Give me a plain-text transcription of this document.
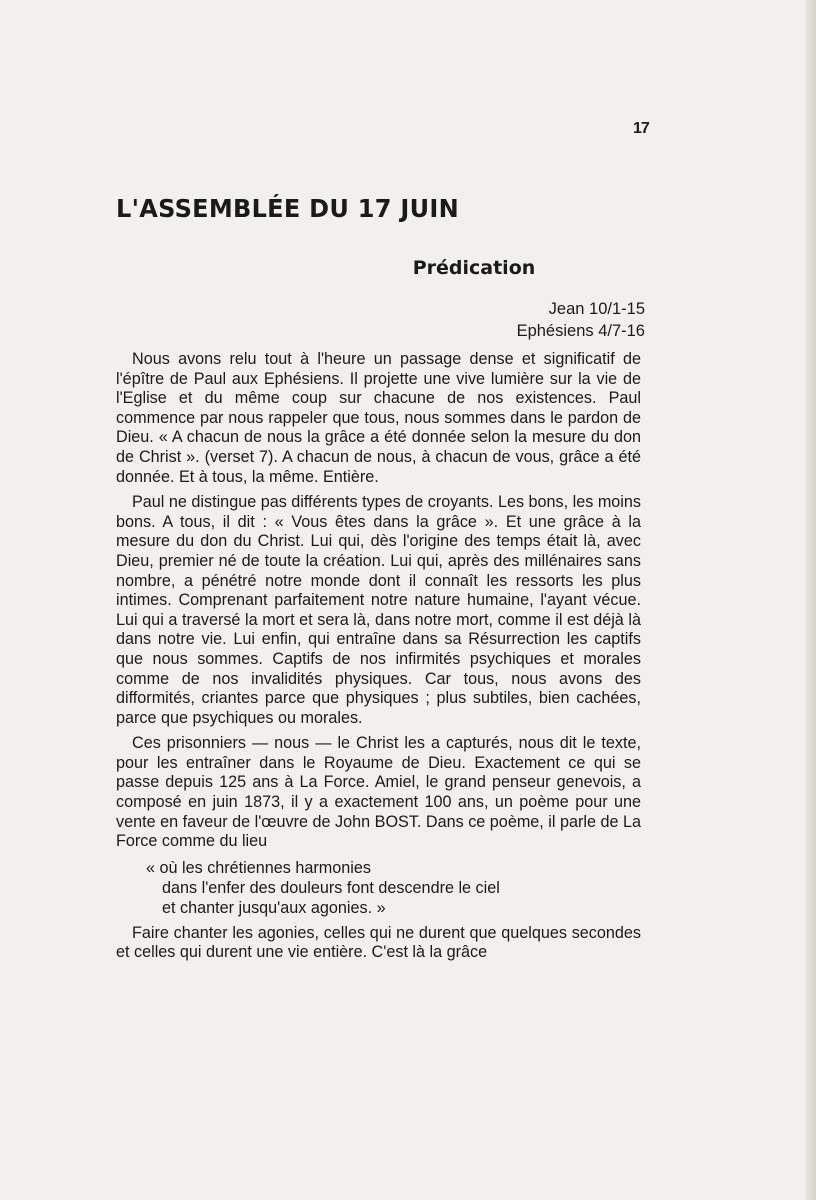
17
L'ASSEMBLÉE DU 17 JUIN
Prédication
Jean 10/1-15
Ephésiens 4/7-16

Nous avons relu tout à l'heure un passage dense et significatif de l'épître de Paul aux Ephésiens. Il projette une vive lumière sur la vie de l'Eglise et du même coup sur chacune de nos existences. Paul commence par nous rappeler que tous, nous sommes dans le pardon de Dieu. « A chacun de nous la grâce a été donnée selon la mesure du don de Christ ». (verset 7). A chacun de nous, à chacun de vous, grâce a été donnée. Et à tous, la même. Entière.

Paul ne distingue pas différents types de croyants. Les bons, les moins bons. A tous, il dit : « Vous êtes dans la grâce ». Et une grâce à la mesure du don du Christ. Lui qui, dès l'origine des temps était là, avec Dieu, premier né de toute la création. Lui qui, après des millénaires sans nombre, a pénétré notre monde dont il connaît les ressorts les plus intimes. Comprenant parfaitement notre nature humaine, l'ayant vécue. Lui qui a traversé la mort et sera là, dans notre mort, comme il est déjà là dans notre vie. Lui enfin, qui entraîne dans sa Résurrection les captifs que nous sommes. Captifs de nos infirmités psychiques et morales comme de nos invalidités physiques. Car tous, nous avons des difformités, criantes parce que physiques ; plus subtiles, bien cachées, parce que psychiques ou morales.

Ces prisonniers — nous — le Christ les a capturés, nous dit le texte, pour les entraîner dans le Royaume de Dieu. Exactement ce qui se passe depuis 125 ans à La Force. Amiel, le grand penseur genevois, a composé en juin 1873, il y a exactement 100 ans, un poème pour une vente en faveur de l'œuvre de John BOST. Dans ce poème, il parle de La Force comme du lieu

« où les chrétiennes harmonies
dans l'enfer des douleurs font descendre le ciel
et chanter jusqu'aux agonies. »

Faire chanter les agonies, celles qui ne durent que quelques secondes et celles qui durent une vie entière. C'est là la grâce
